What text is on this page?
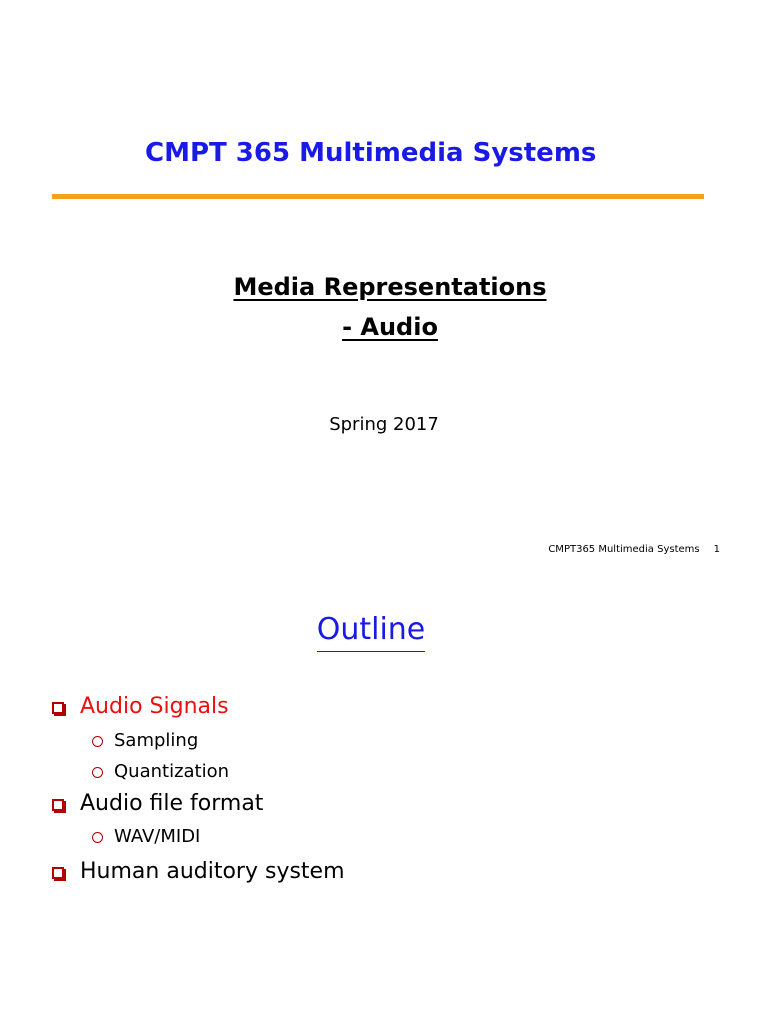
CMPT 365 Multimedia Systems
Media Representations
- Audio
Spring 2017
CMPT365 Multimedia Systems 1
Outline
Audio Signals
Sampling
Quantization
Audio file format
WAV/MIDI
Human auditory system
